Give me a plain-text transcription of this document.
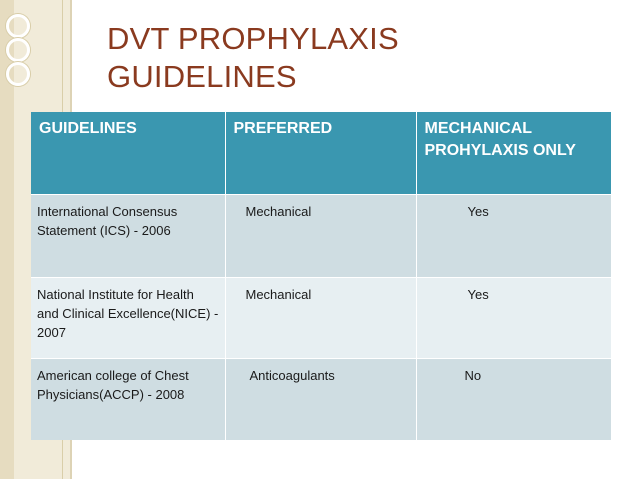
DVT PROPHYLAXIS
GUIDELINES
GUIDELINES	PREFERRED	MECHANICAL PROHYLAXIS ONLY
International Consensus Statement (ICS) - 2006	Mechanical	Yes
National Institute for Health and Clinical Excellence(NICE) - 2007	Mechanical	Yes
American college of Chest Physicians(ACCP) - 2008	Anticoagulants	No
